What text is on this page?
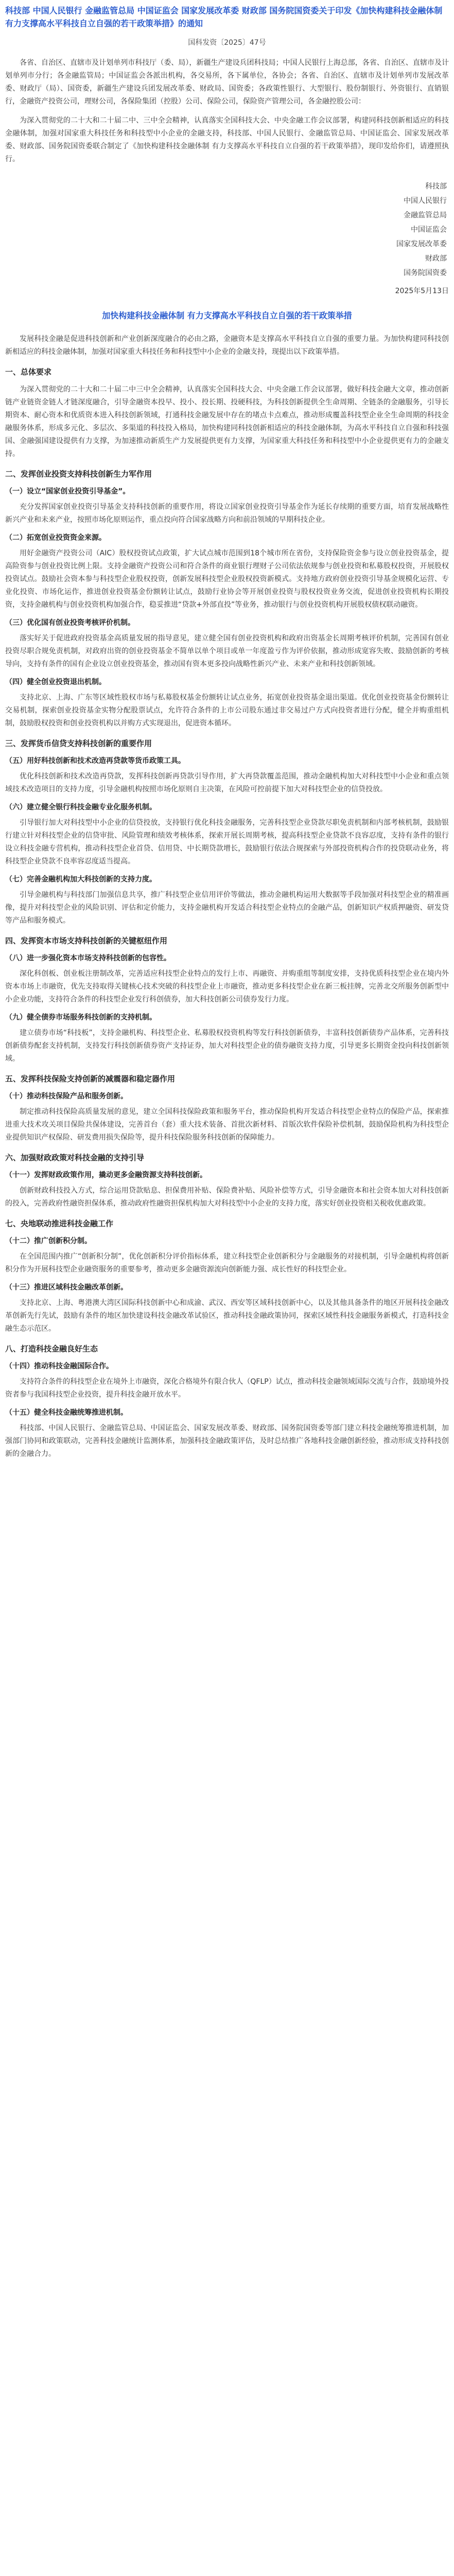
科技部 中国人民银行 金融监管总局 中国证监会 国家发展改革委 财政部 国务院国资委关于印发《加快构建科技金融体制 有力支撑高水平科技自立自强的若干政策举措》的通知
国科发资〔2025〕47号

各省、自治区、直辖市及计划单列市科技厅（委、局），新疆生产建设兵团科技局；中国人民银行上海总部，各省、自治区、直辖市及计划单列市分行；各金融监管局；中国证监会各派出机构，各交易所，各下属单位，各协会；各省、自治区、直辖市及计划单列市发展改革委、财政厅（局）、国资委，新疆生产建设兵团发展改革委、财政局、国资委；各政策性银行、大型银行、股份制银行、外资银行、直销银行，金融资产投资公司，理财公司，各保险集团（控股）公司、保险公司，保险资产管理公司，各金融控股公司：

为深入贯彻党的二十大和二十届二中、三中全会精神，认真落实全国科技大会、中央金融工作会议部署，构建同科技创新相适应的科技金融体制，加强对国家重大科技任务和科技型中小企业的金融支持，科技部、中国人民银行、金融监管总局、中国证监会、国家发展改革委、财政部、国务院国资委联合制定了《加快构建科技金融体制 有力支撑高水平科技自立自强的若干政策举措》，现印发给你们，请遵照执行。

科技部
中国人民银行
金融监管总局
中国证监会
国家发展改革委
财政部
国务院国资委
2025年5月13日
加快构建科技金融体制 有力支撑高水平科技自立自强的若干政策举措

发展科技金融是促进科技创新和产业创新深度融合的必由之路，金融资本是支撑高水平科技自立自强的重要力量。为加快构建同科技创新相适应的科技金融体制，加强对国家重大科技任务和科技型中小企业的金融支持，现提出以下政策举措。

一、总体要求

为深入贯彻党的二十大和二十届二中三中全会精神，认真落实全国科技大会、中央金融工作会议部署，做好科技金融大文章，推动创新链产业链资金链人才链深度融合，引导金融资本投早、投小、投长期、投硬科技，为科技创新提供全生命周期、全链条的金融服务，引导长期资本、耐心资本和优质资本进入科技创新领域，打通科技金融发展中存在的堵点卡点难点，推动形成覆盖科技型企业全生命周期的科技金融服务体系，形成多元化、多层次、多渠道的科技投入格局，加快构建同科技创新相适应的科技金融体制，为高水平科技自立自强和科技强国、金融强国建设提供有力支撑，为加速推动新质生产力发展提供更有力支撑，为国家重大科技任务和科技型中小企业提供更有力的金融支持。

二、发挥创业投资支持科技创新生力军作用
（一）设立“国家创业投资引导基金”。

充分发挥国家创业投资引导基金支持科技创新的重要作用，将设立国家创业投资引导基金作为延长存续期的重要方面，培育发展战略性新兴产业和未来产业，按照市场化原则运作，重点投向符合国家战略方向和前沿领域的早期科技企业。

（二）拓宽创业投资资金来源。

用好金融资产投资公司（AIC）股权投资试点政策，扩大试点城市范围到18个城市所在省份，支持保险资金参与设立创业投资基金，提高险资参与创业投资比例上限。支持金融资产投资公司和符合条件的商业银行理财子公司依法依规参与创业投资和私募股权投资，开展股权投资试点。鼓励社会资本参与科技型企业股权投资，创新发展科技型企业股权投资新模式。支持地方政府创业投资引导基金规模化运营、专业化投资、市场化运作，推进创业投资基金份额转让试点，鼓励行业协会等开展创业投资与股权投资业务交流，促进创业投资机构长期投资，支持金融机构与创业投资机构加强合作，稳妥推进“贷款+外部直投”等业务，推动银行与创业投资机构开展股权债权联动融资。

（三）优化国有创业投资考核评价机制。

落实好关于促进政府投资基金高质量发展的指导意见，建立健全国有创业投资机构和政府出资基金长周期考核评价机制，完善国有创业投资尽职合规免责机制，对政府出资的创业投资基金不简单以单个项目或单一年度盈亏作为评价依据，推动形成宽容失败、鼓励创新的考核导向，支持有条件的国有企业设立创业投资基金，推动国有资本更多投向战略性新兴产业、未来产业和科技创新领域。

（四）健全创业投资退出机制。

支持北京、上海、广东等区域性股权市场与私募股权基金份额转让试点业务，拓宽创业投资基金退出渠道。优化创业投资基金份额转让交易机制，探索创业投资基金实物分配股票试点，允许符合条件的上市公司股东通过非交易过户方式向投资者进行分配，健全并购重组机制，鼓励股权投资和创业投资机构以并购方式实现退出，促进资本循环。

三、发挥货币信贷支持科技创新的重要作用
（五）用好科技创新和技术改造再贷款等货币政策工具。

优化科技创新和技术改造再贷款，发挥科技创新再贷款引导作用，扩大再贷款覆盖范围，推动金融机构加大对科技型中小企业和重点领域技术改造项目的支持力度，引导金融机构按照市场化原则自主决策，在风险可控前提下加大对科技型企业的信贷投放。

（六）建立健全银行科技金融专业化服务机制。

引导银行加大对科技型中小企业的信贷投放，支持银行优化科技金融服务，完善科技型企业贷款尽职免责机制和内部考核机制，鼓励银行建立针对科技型企业的信贷审批、风险管理和绩效考核体系，探索开展长周期考核，提高科技型企业贷款不良容忍度，支持有条件的银行设立科技金融专营机构，推动科技型企业首贷、信用贷、中长期贷款增长，鼓励银行依法合规探索与外部投资机构合作的投贷联动业务，将科技型企业贷款不良率容忍度适当提高。

（七）完善金融机构加大科技创新的支持力度。

引导金融机构与科技部门加强信息共享，推广科技型企业信用评价等做法，推动金融机构运用大数据等手段加强对科技型企业的精准画像，提升对科技型企业的风险识别、评估和定价能力，支持金融机构开发适合科技型企业特点的金融产品，创新知识产权质押融资、研发贷等产品和服务模式。

四、发挥资本市场支持科技创新的关键枢纽作用
（八）进一步强化资本市场支持科技创新的包容性。

深化科创板、创业板注册制改革，完善适应科技型企业特点的发行上市、再融资、并购重组等制度安排，支持优质科技型企业在境内外资本市场上市融资，优先支持取得关键核心技术突破的科技型企业上市融资，推动更多科技型企业在新三板挂牌，完善北交所服务创新型中小企业功能，支持符合条件的科技型企业发行科创债券，加大科技创新公司债券发行力度。

（九）健全债券市场服务科技创新的支持机制。

建立债券市场“科技板”，支持金融机构、科技型企业、私募股权投资机构等发行科技创新债券，丰富科技创新债券产品体系，完善科技创新债券配套支持机制，支持发行科技创新债券资产支持证券，加大对科技型企业的债券融资支持力度，引导更多长期资金投向科技创新领域。

五、发挥科技保险支持创新的减震器和稳定器作用
（十）推动科技保险产品和服务创新。

制定推动科技保险高质量发展的意见，建立全国科技保险政策和服务平台，推动保险机构开发适合科技型企业特点的保险产品，探索推进重大技术攻关项目保险共保体建设，完善首台（套）重大技术装备、首批次新材料、首版次软件保险补偿机制，鼓励保险机构为科技型企业提供知识产权保险、研发费用损失保险等，提升科技保险服务科技创新的保障能力。

六、加强财政政策对科技金融的支持引导
（十一）发挥财政政策作用，撬动更多金融资源支持科技创新。

创新财政科技投入方式，综合运用贷款贴息、担保费用补贴、保险费补贴、风险补偿等方式，引导金融资本和社会资本加大对科技创新的投入，完善政府性融资担保体系，推动政府性融资担保机构加大对科技型中小企业的支持力度，落实好创业投资相关税收优惠政策。

七、央地联动推进科技金融工作
（十二）推广创新积分制。

在全国范围内推广“创新积分制”，优化创新积分评价指标体系，建立科技型企业创新积分与金融服务的对接机制，引导金融机构将创新积分作为开展科技型企业融资服务的重要参考，推动更多金融资源流向创新能力强、成长性好的科技型企业。

（十三）推进区域科技金融改革创新。

支持北京、上海、粤港澳大湾区国际科技创新中心和成渝、武汉、西安等区域科技创新中心，以及其他具备条件的地区开展科技金融改革创新先行先试，鼓励有条件的地区加快建设科技金融改革试验区，推动科技金融政策协同，探索区域性科技金融服务新模式，打造科技金融生态示范区。

八、打造科技金融良好生态
（十四）推动科技金融国际合作。

支持符合条件的科技型企业在境外上市融资，深化合格境外有限合伙人（QFLP）试点，推动科技金融领域国际交流与合作，鼓励境外投资者参与我国科技型企业投资，提升科技金融开放水平。

（十五）健全科技金融统筹推进机制。

科技部、中国人民银行、金融监管总局、中国证监会、国家发展改革委、财政部、国务院国资委等部门建立科技金融统筹推进机制，加强部门协同和政策联动，完善科技金融统计监测体系，加强科技金融政策评估，及时总结推广各地科技金融创新经验，推动形成支持科技创新的金融合力。
